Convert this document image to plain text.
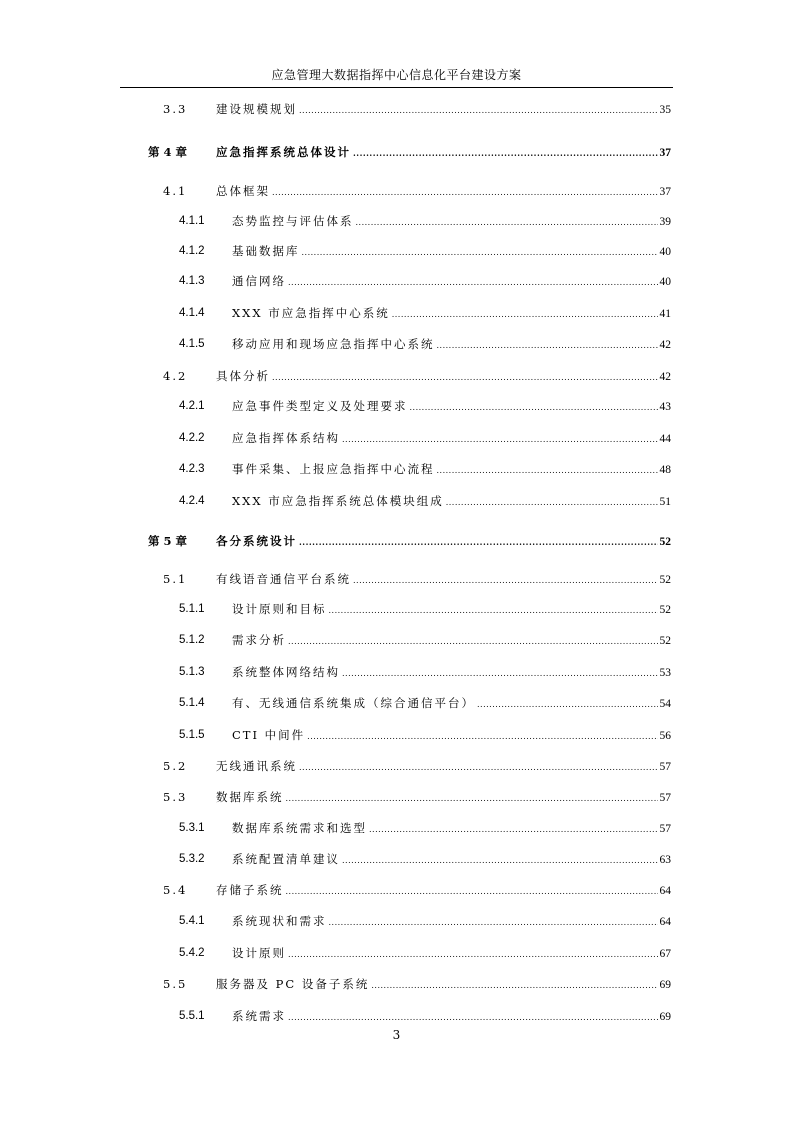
应急管理大数据指挥中心信息化平台建设方案
3.3 建设规模规划 .....	35
第 4 章	应急指挥系统总体设计 .....	37
4.1 总体框架 .....	37
4.1.1 态势监控与评估体系 .....	39
4.1.2 基础数据库 .....	40
4.1.3 通信网络 .....	40
4.1.4 XXX 市应急指挥中心系统 .....	41
4.1.5 移动应用和现场应急指挥中心系统 .....	42
4.2 具体分析 .....	42
4.2.1 应急事件类型定义及处理要求 .....	43
4.2.2 应急指挥体系结构 .....	44
4.2.3 事件采集、上报应急指挥中心流程 .....	48
4.2.4 XXX 市应急指挥系统总体模块组成 .....	51
第 5 章	各分系统设计 .....	52
5.1 有线语音通信平台系统 .....	52
5.1.1 设计原则和目标 .....	52
5.1.2 需求分析 .....	52
5.1.3 系统整体网络结构 .....	53
5.1.4 有、无线通信系统集成（综合通信平台） .....	54
5.1.5 CTI 中间件 .....	56
5.2 无线通讯系统 .....	57
5.3 数据库系统 .....	57
5.3.1 数据库系统需求和选型 .....	57
5.3.2 系统配置清单建议 .....	63
5.4 存储子系统 .....	64
5.4.1 系统现状和需求 .....	64
5.4.2 设计原则 .....	67
5.5 服务器及 PC 设备子系统 .....	69
5.5.1 系统需求 .....	69
3
